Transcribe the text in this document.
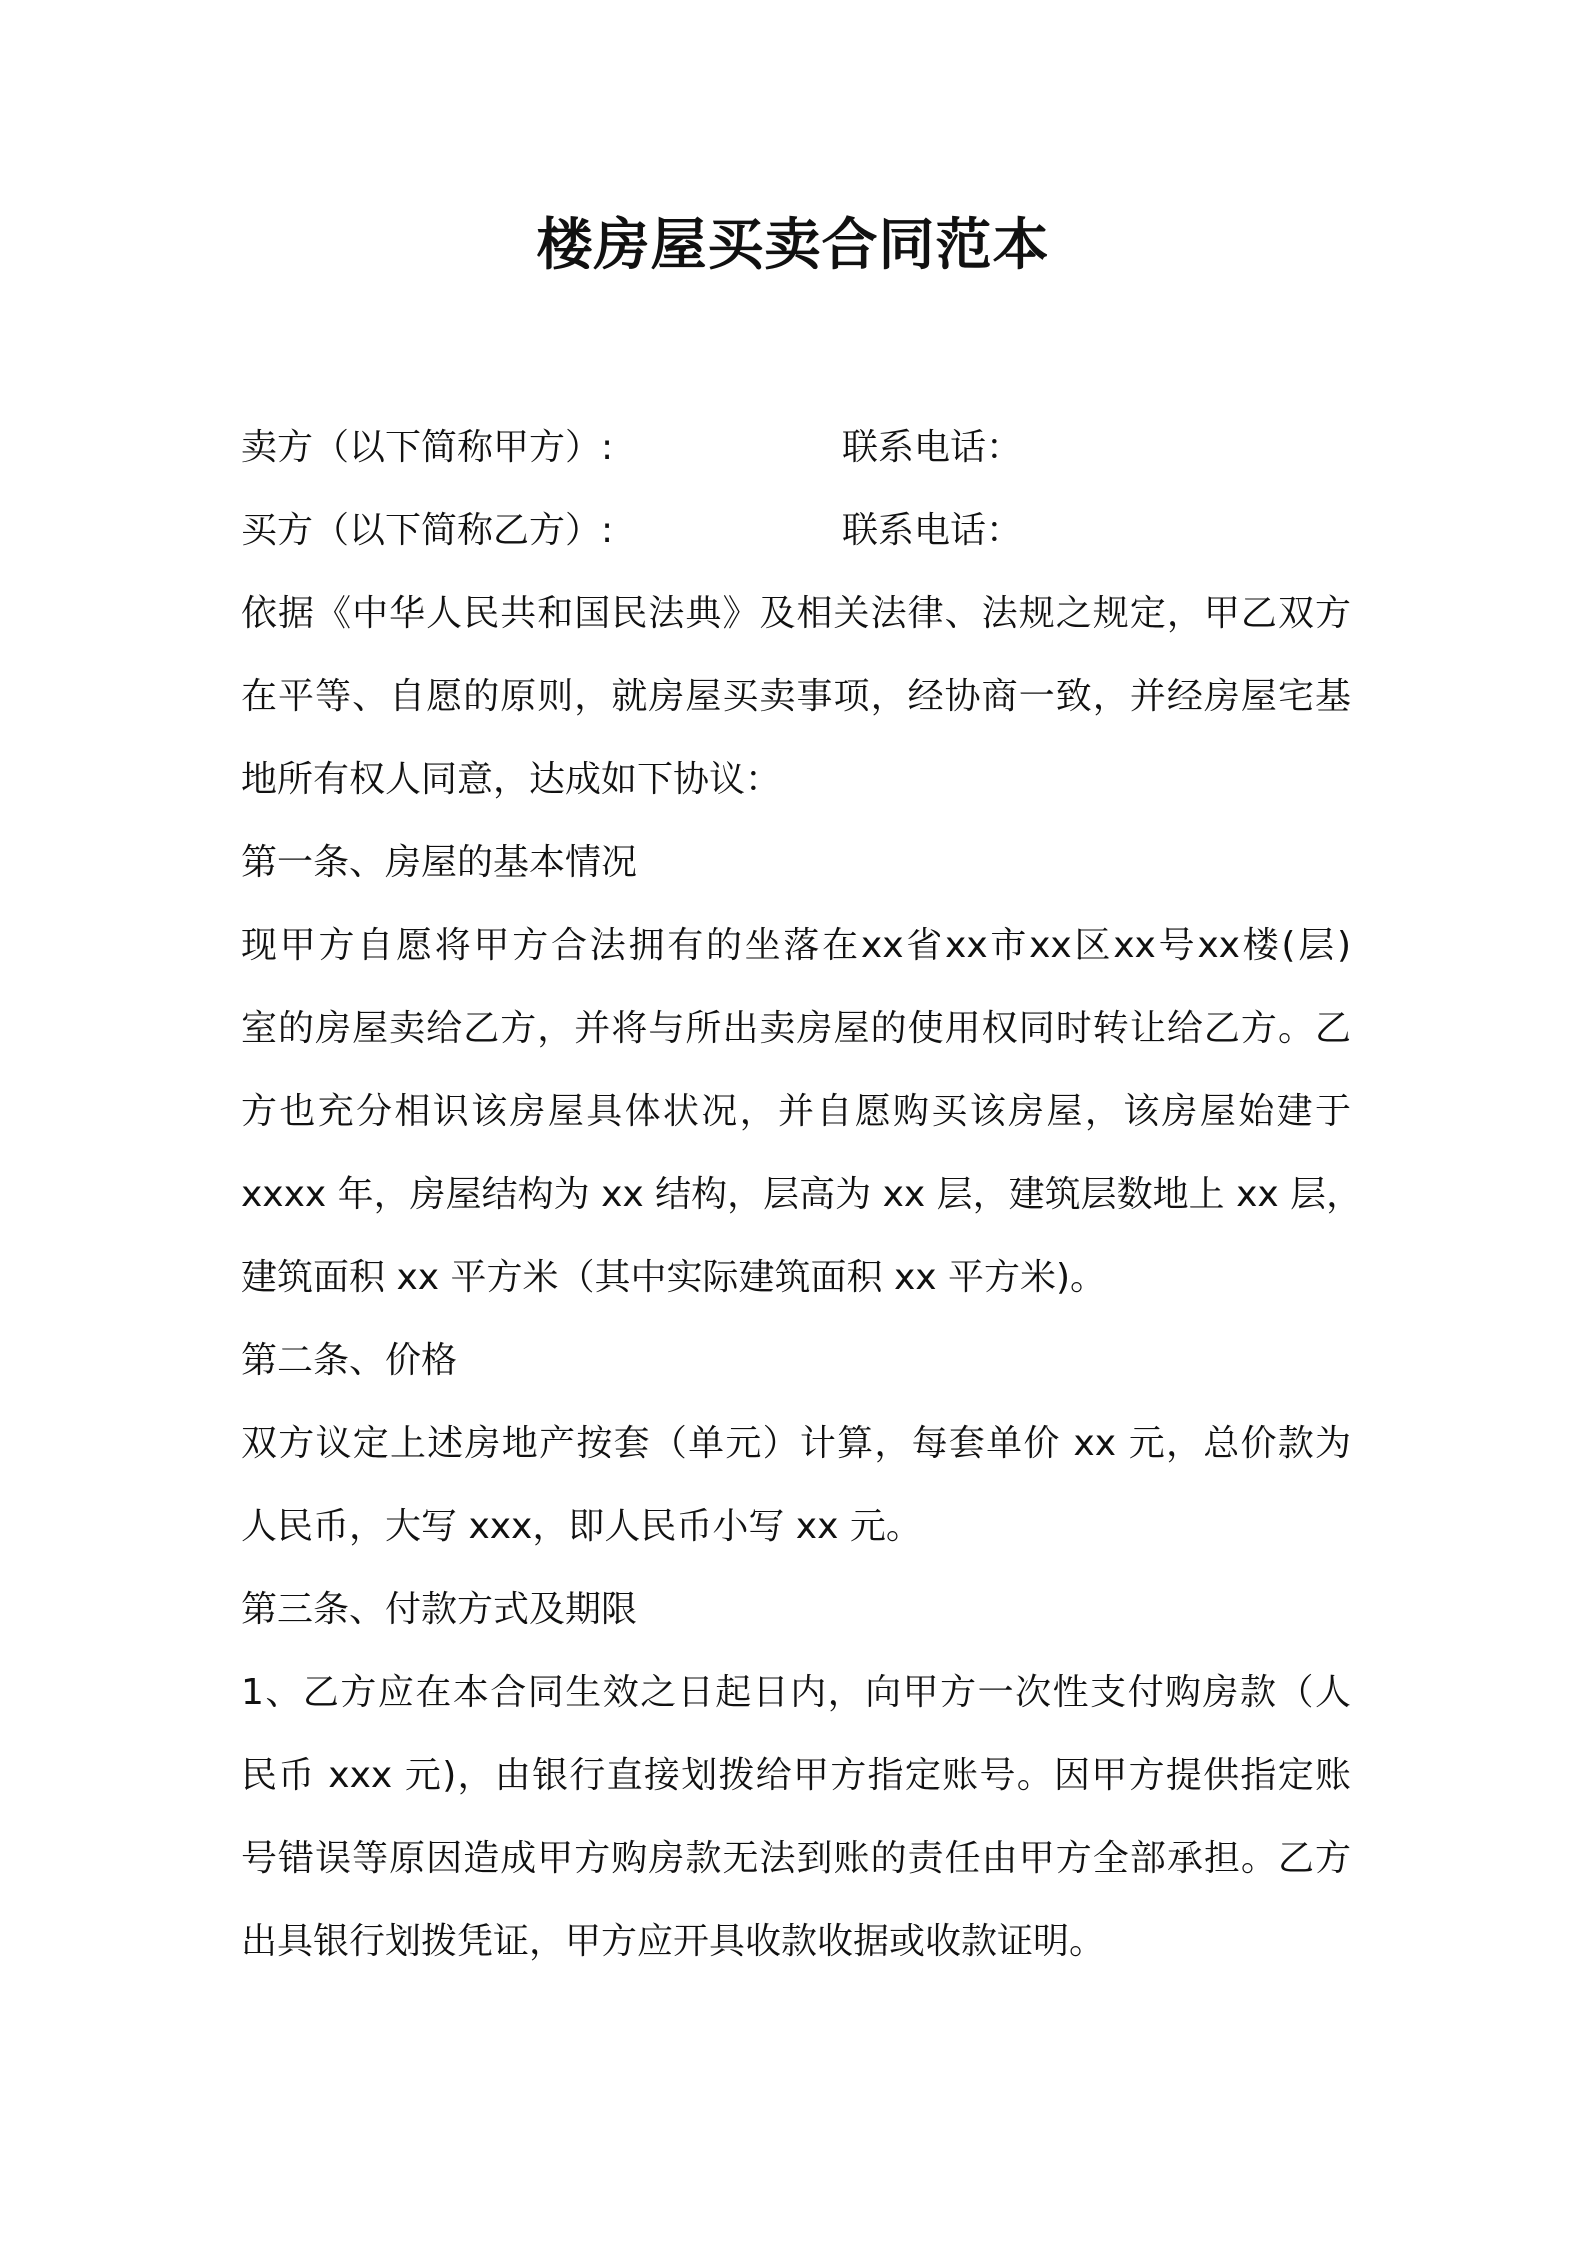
楼房屋买卖合同范本
卖方（以下简称甲方）:	联系电话：
买方（以下简称乙方）:	联系电话：
依据《中华人民共和国民法典》及相关法律、法规之规定，甲乙双方
在平等、自愿的原则，就房屋买卖事项，经协商一致，并经房屋宅基
地所有权人同意，达成如下协议：
第一条、房屋的基本情况
现甲方自愿将甲方合法拥有的坐落在xx省xx市xx区xx号xx楼(层)
室的房屋卖给乙方，并将与所出卖房屋的使用权同时转让给乙方。乙
方也充分相识该房屋具体状况，并自愿购买该房屋，该房屋始建于
xxxx 年，房屋结构为 xx 结构，层高为 xx 层，建筑层数地上 xx 层，
建筑面积 xx 平方米（其中实际建筑面积 xx 平方米)。
第二条、价格
双方议定上述房地产按套（单元）计算，每套单价 xx 元，总价款为
人民币，大写 xxx，即人民币小写 xx 元。
第三条、付款方式及期限
1、乙方应在本合同生效之日起日内，向甲方一次性支付购房款（人
民币 xxx 元)，由银行直接划拨给甲方指定账号。因甲方提供指定账
号错误等原因造成甲方购房款无法到账的责任由甲方全部承担。乙方
出具银行划拨凭证，甲方应开具收款收据或收款证明。
